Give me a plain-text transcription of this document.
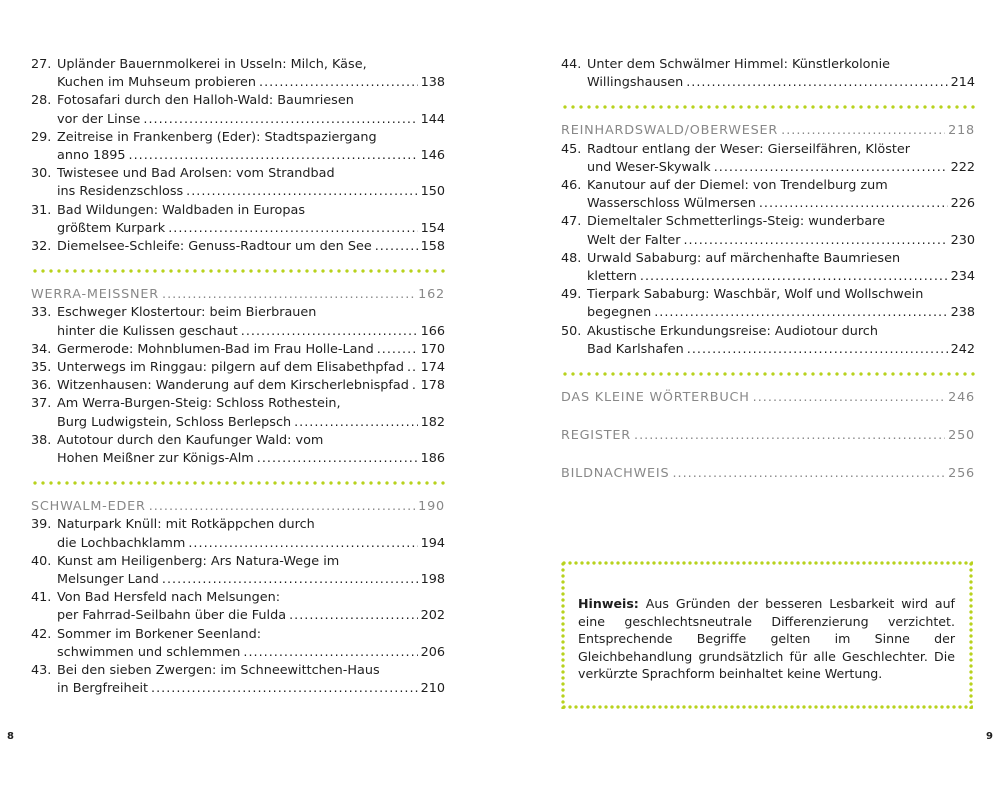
27. Upländer Bauernmolkerei in Usseln: Milch, Käse,
Kuchen im Muhseum probieren .....	138
28. Fotosafari durch den Halloh-Wald: Baumriesen
vor der Linse .....	144
29. Zeitreise in Frankenberg (Eder): Stadtspaziergang
anno 1895 .....	146
30. Twistesee und Bad Arolsen: vom Strandbad
ins Residenzschloss .....	150
31. Bad Wildungen: Waldbaden in Europas
größtem Kurpark .....	154
32. Diemelsee-Schleife: Genuss-Radtour um den See .....	158
WERRA-MEISSNER .....	162
33. Eschweger Klostertour: beim Bierbrauen
hinter die Kulissen geschaut .....	166
34. Germerode: Mohnblumen-Bad im Frau Holle-Land .....	170
35. Unterwegs im Ringgau: pilgern auf dem Elisabethpfad ..... 174
36. Witzenhausen: Wanderung auf dem Kirscherlebnispfad ..... 178
37. Am Werra-Burgen-Steig: Schloss Rothestein,
Burg Ludwigstein, Schloss Berlepsch .....	182
38. Autotour durch den Kaufunger Wald: vom
Hohen Meißner zur Königs-Alm .....	186
SCHWALM-EDER .....	190
39. Naturpark Knüll: mit Rotkäppchen durch
die Lochbachklamm .....	194
40. Kunst am Heiligenberg: Ars Natura-Wege im
Melsunger Land .....	198
41. Von Bad Hersfeld nach Melsungen:
per Fahrrad-Seilbahn über die Fulda .....	202
42. Sommer im Borkener Seenland:
schwimmen und schlemmen .....	206
43. Bei den sieben Zwergen: im Schneewittchen-Haus
in Bergfreiheit .....	210
44. Unter dem Schwälmer Himmel: Künstlerkolonie
Willingshausen .....	214
REINHARDSWALD/OBERWESER .....	218
45. Radtour entlang der Weser: Gierseilfähren, Klöster
und Weser-Skywalk .....	222
46. Kanutour auf der Diemel: von Trendelburg zum
Wasserschloss Wülmersen .....	226
47. Diemeltaler Schmetterlings-Steig: wunderbare
Welt der Falter .....	230
48. Urwald Sababurg: auf märchenhafte Baumriesen
klettern .....	234
49. Tierpark Sababurg: Waschbär, Wolf und Wollschwein
begegnen .....	238
50. Akustische Erkundungsreise: Audiotour durch
Bad Karlshafen .....	242
DAS KLEINE WÖRTERBUCH .....	246
REGISTER .....	250
BILDNACHWEIS .....	256
Hinweis: Aus Gründen der besseren Lesbarkeit wird auf eine geschlechtsneutrale Differenzierung verzichtet. Entsprechende Begriffe gelten im Sinne der Gleichbehandlung grundsätzlich für alle Geschlechter. Die verkürzte Sprachform beinhaltet keine Wertung.
8	9
